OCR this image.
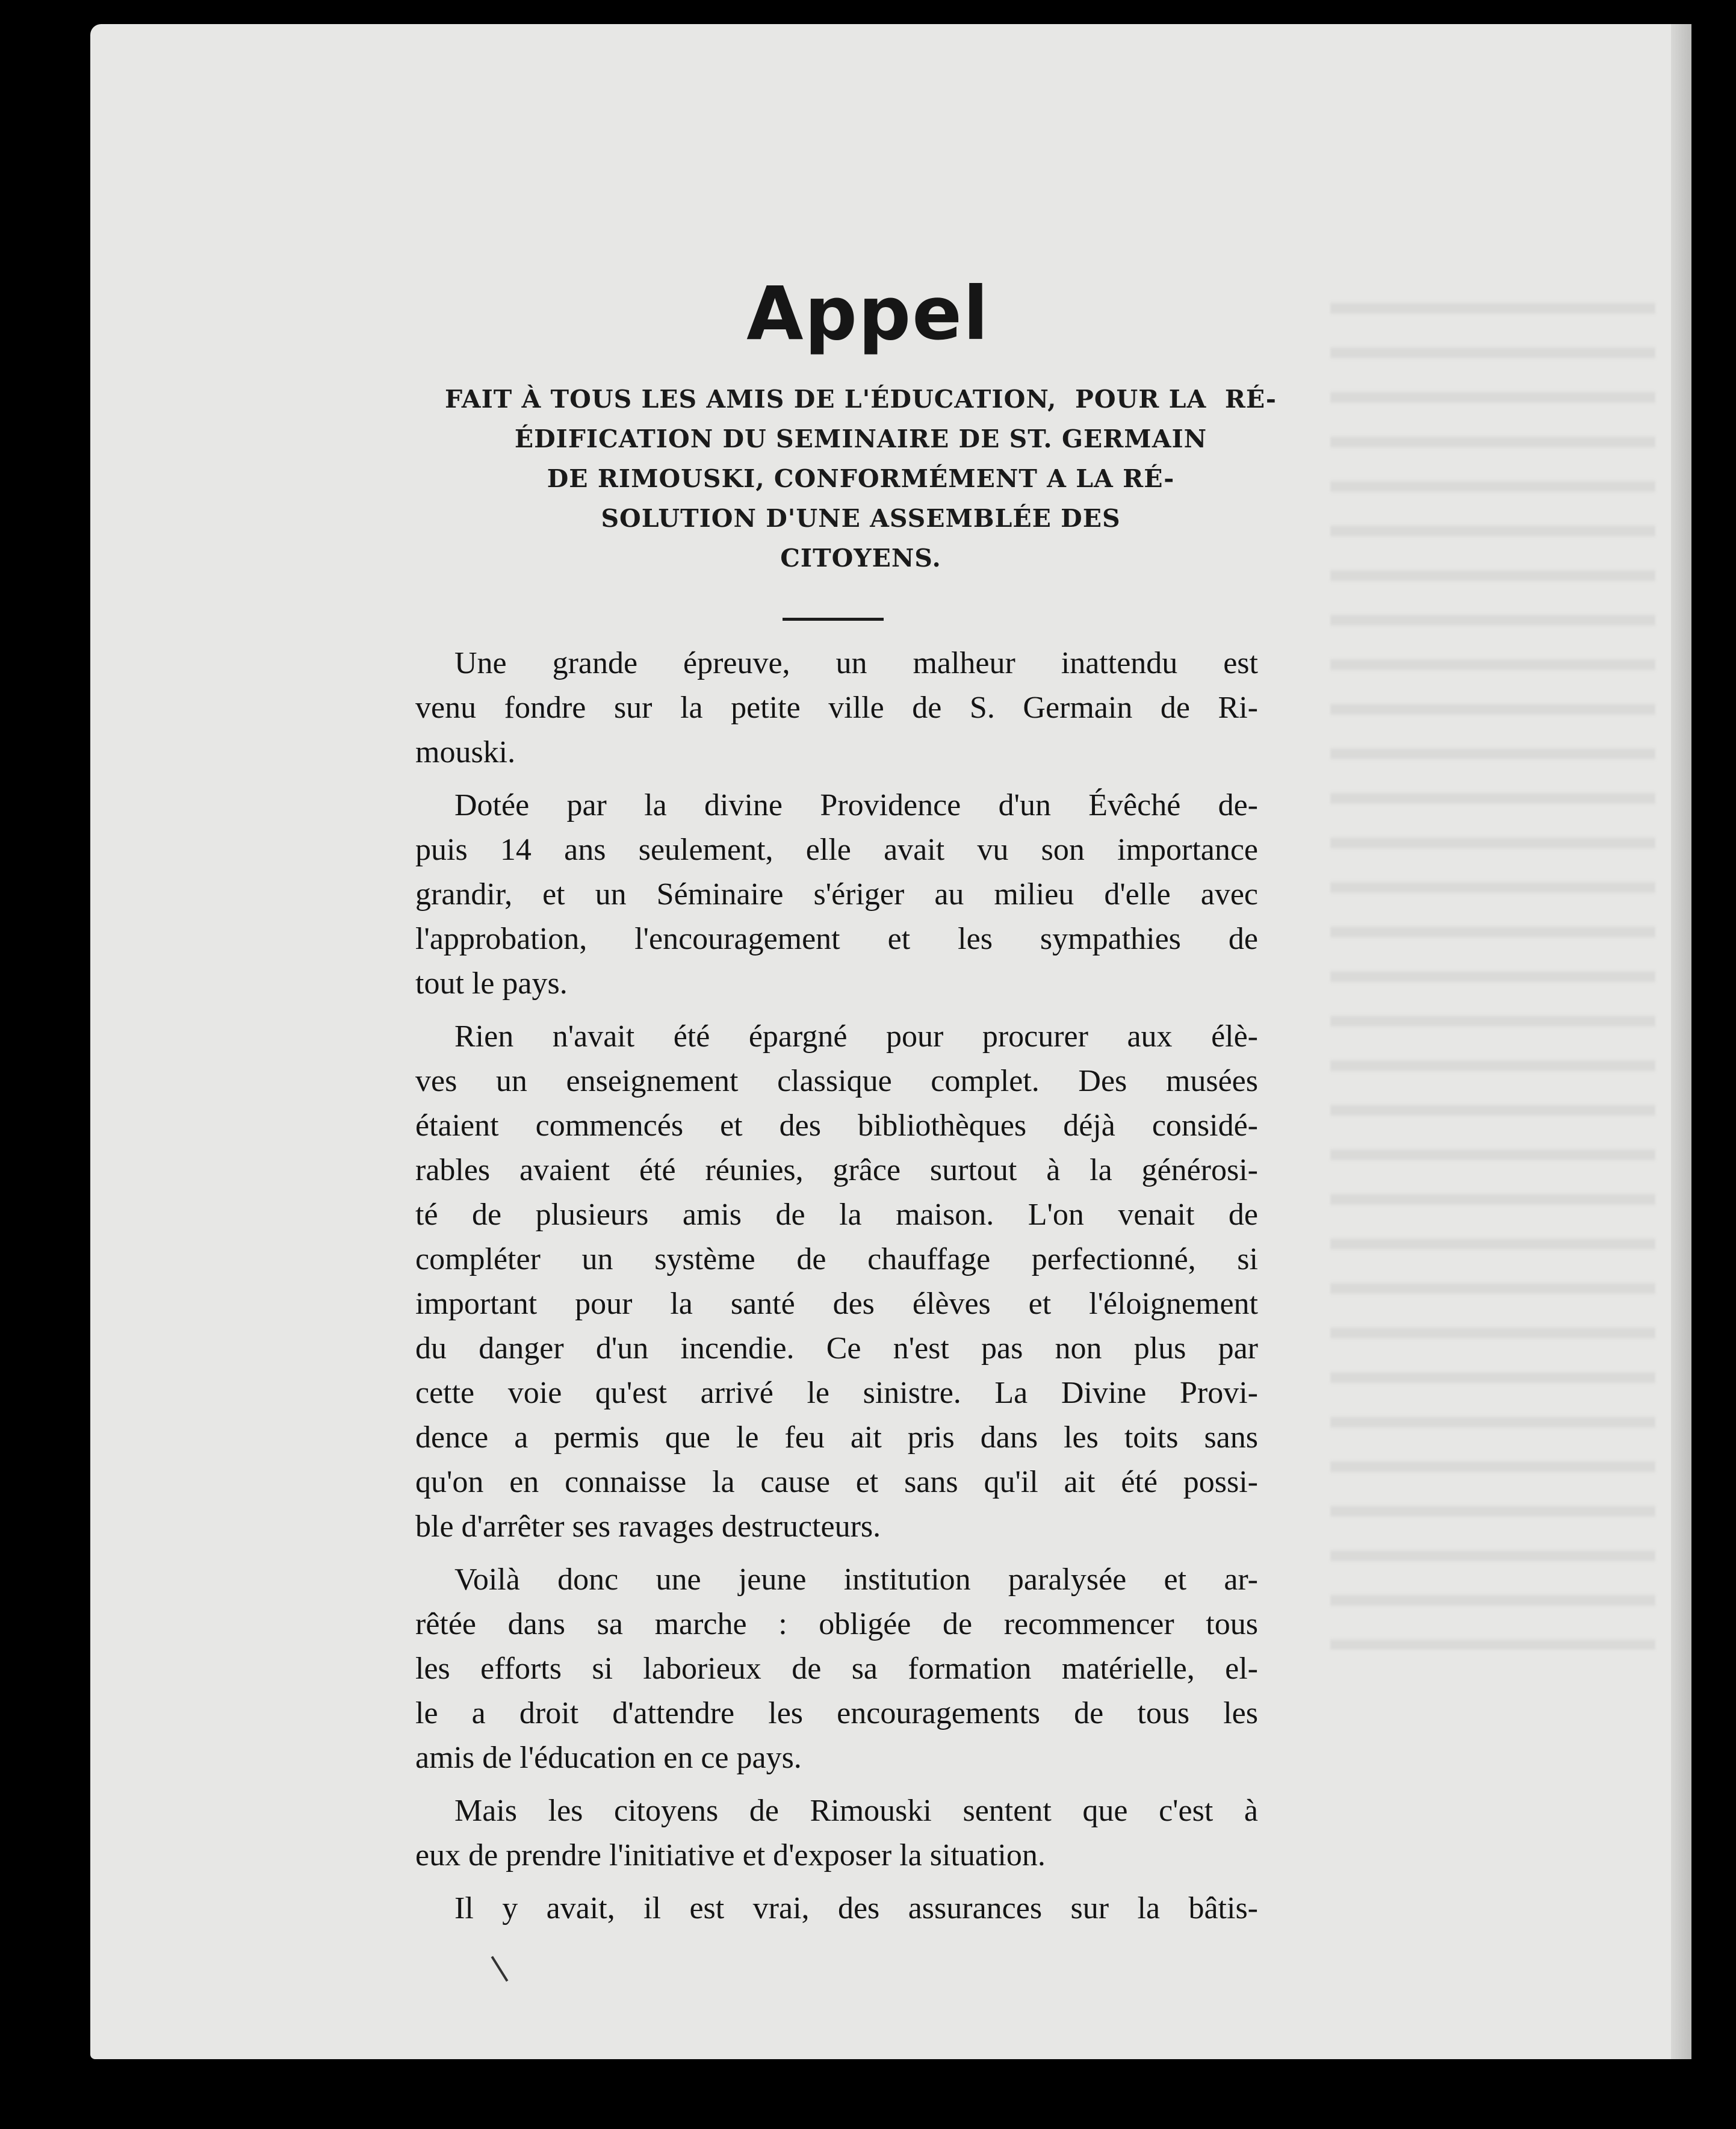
Appel
FAIT À TOUS LES AMIS DE L'ÉDUCATION,  POUR LA  RÉ-
ÉDIFICATION DU SEMINAIRE DE ST. GERMAIN
DE RIMOUSKI, CONFORMÉMENT A LA RÉ-
SOLUTION D'UNE ASSEMBLÉE DES
CITOYENS.
Une grande épreuve, un malheur inattendu est
venu fondre sur la petite ville de S. Germain de Ri-
mouski.
Dotée par la divine Providence d'un Évêché de-
puis 14 ans seulement, elle avait vu son importance
grandir, et un Séminaire s'ériger au milieu d'elle avec
l'approbation, l'encouragement et les sympathies de
tout le pays.
Rien n'avait été épargné pour procurer aux élè-
ves un enseignement classique complet. Des musées
étaient commencés et des bibliothèques déjà considé-
rables avaient été réunies, grâce surtout à la générosi-
té de plusieurs amis de la maison. L'on venait de
compléter un système de chauffage perfectionné, si
important pour la santé des élèves et l'éloignement
du danger d'un incendie. Ce n'est pas non plus par
cette voie qu'est arrivé le sinistre. La Divine Provi-
dence a permis que le feu ait pris dans les toits sans
qu'on en connaisse la cause et sans qu'il ait été possi-
ble d'arrêter ses ravages destructeurs.
Voilà donc une jeune institution paralysée et ar-
rêtée dans sa marche : obligée de recommencer tous
les efforts si laborieux de sa formation matérielle, el-
le a droit d'attendre les encouragements de tous les
amis de l'éducation en ce pays.
Mais les citoyens de Rimouski sentent que c'est à
eux de prendre l'initiative et d'exposer la situation.
Il y avait, il est vrai, des assurances sur la bâtis-
